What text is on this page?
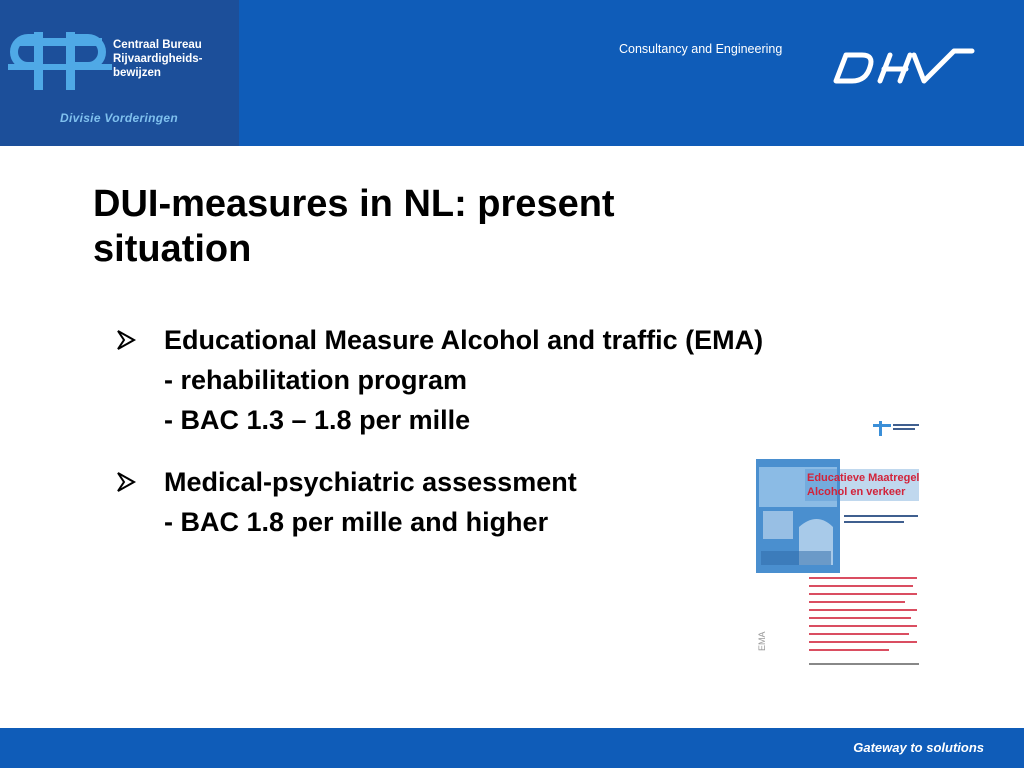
Centraal Bureau
Rijvaardigheids-
bewijzen
Divisie Vorderingen
Consultancy and Engineering
DUI-measures in NL: present situation
Educational Measure Alcohol and traffic (EMA)
- rehabilitation program
- BAC 1.3 – 1.8 per mille
Medical-psychiatric assessment
- BAC 1.8 per mille and higher
Educatieve Maatregel
Alcohol en verkeer
EMA
Gateway to solutions
